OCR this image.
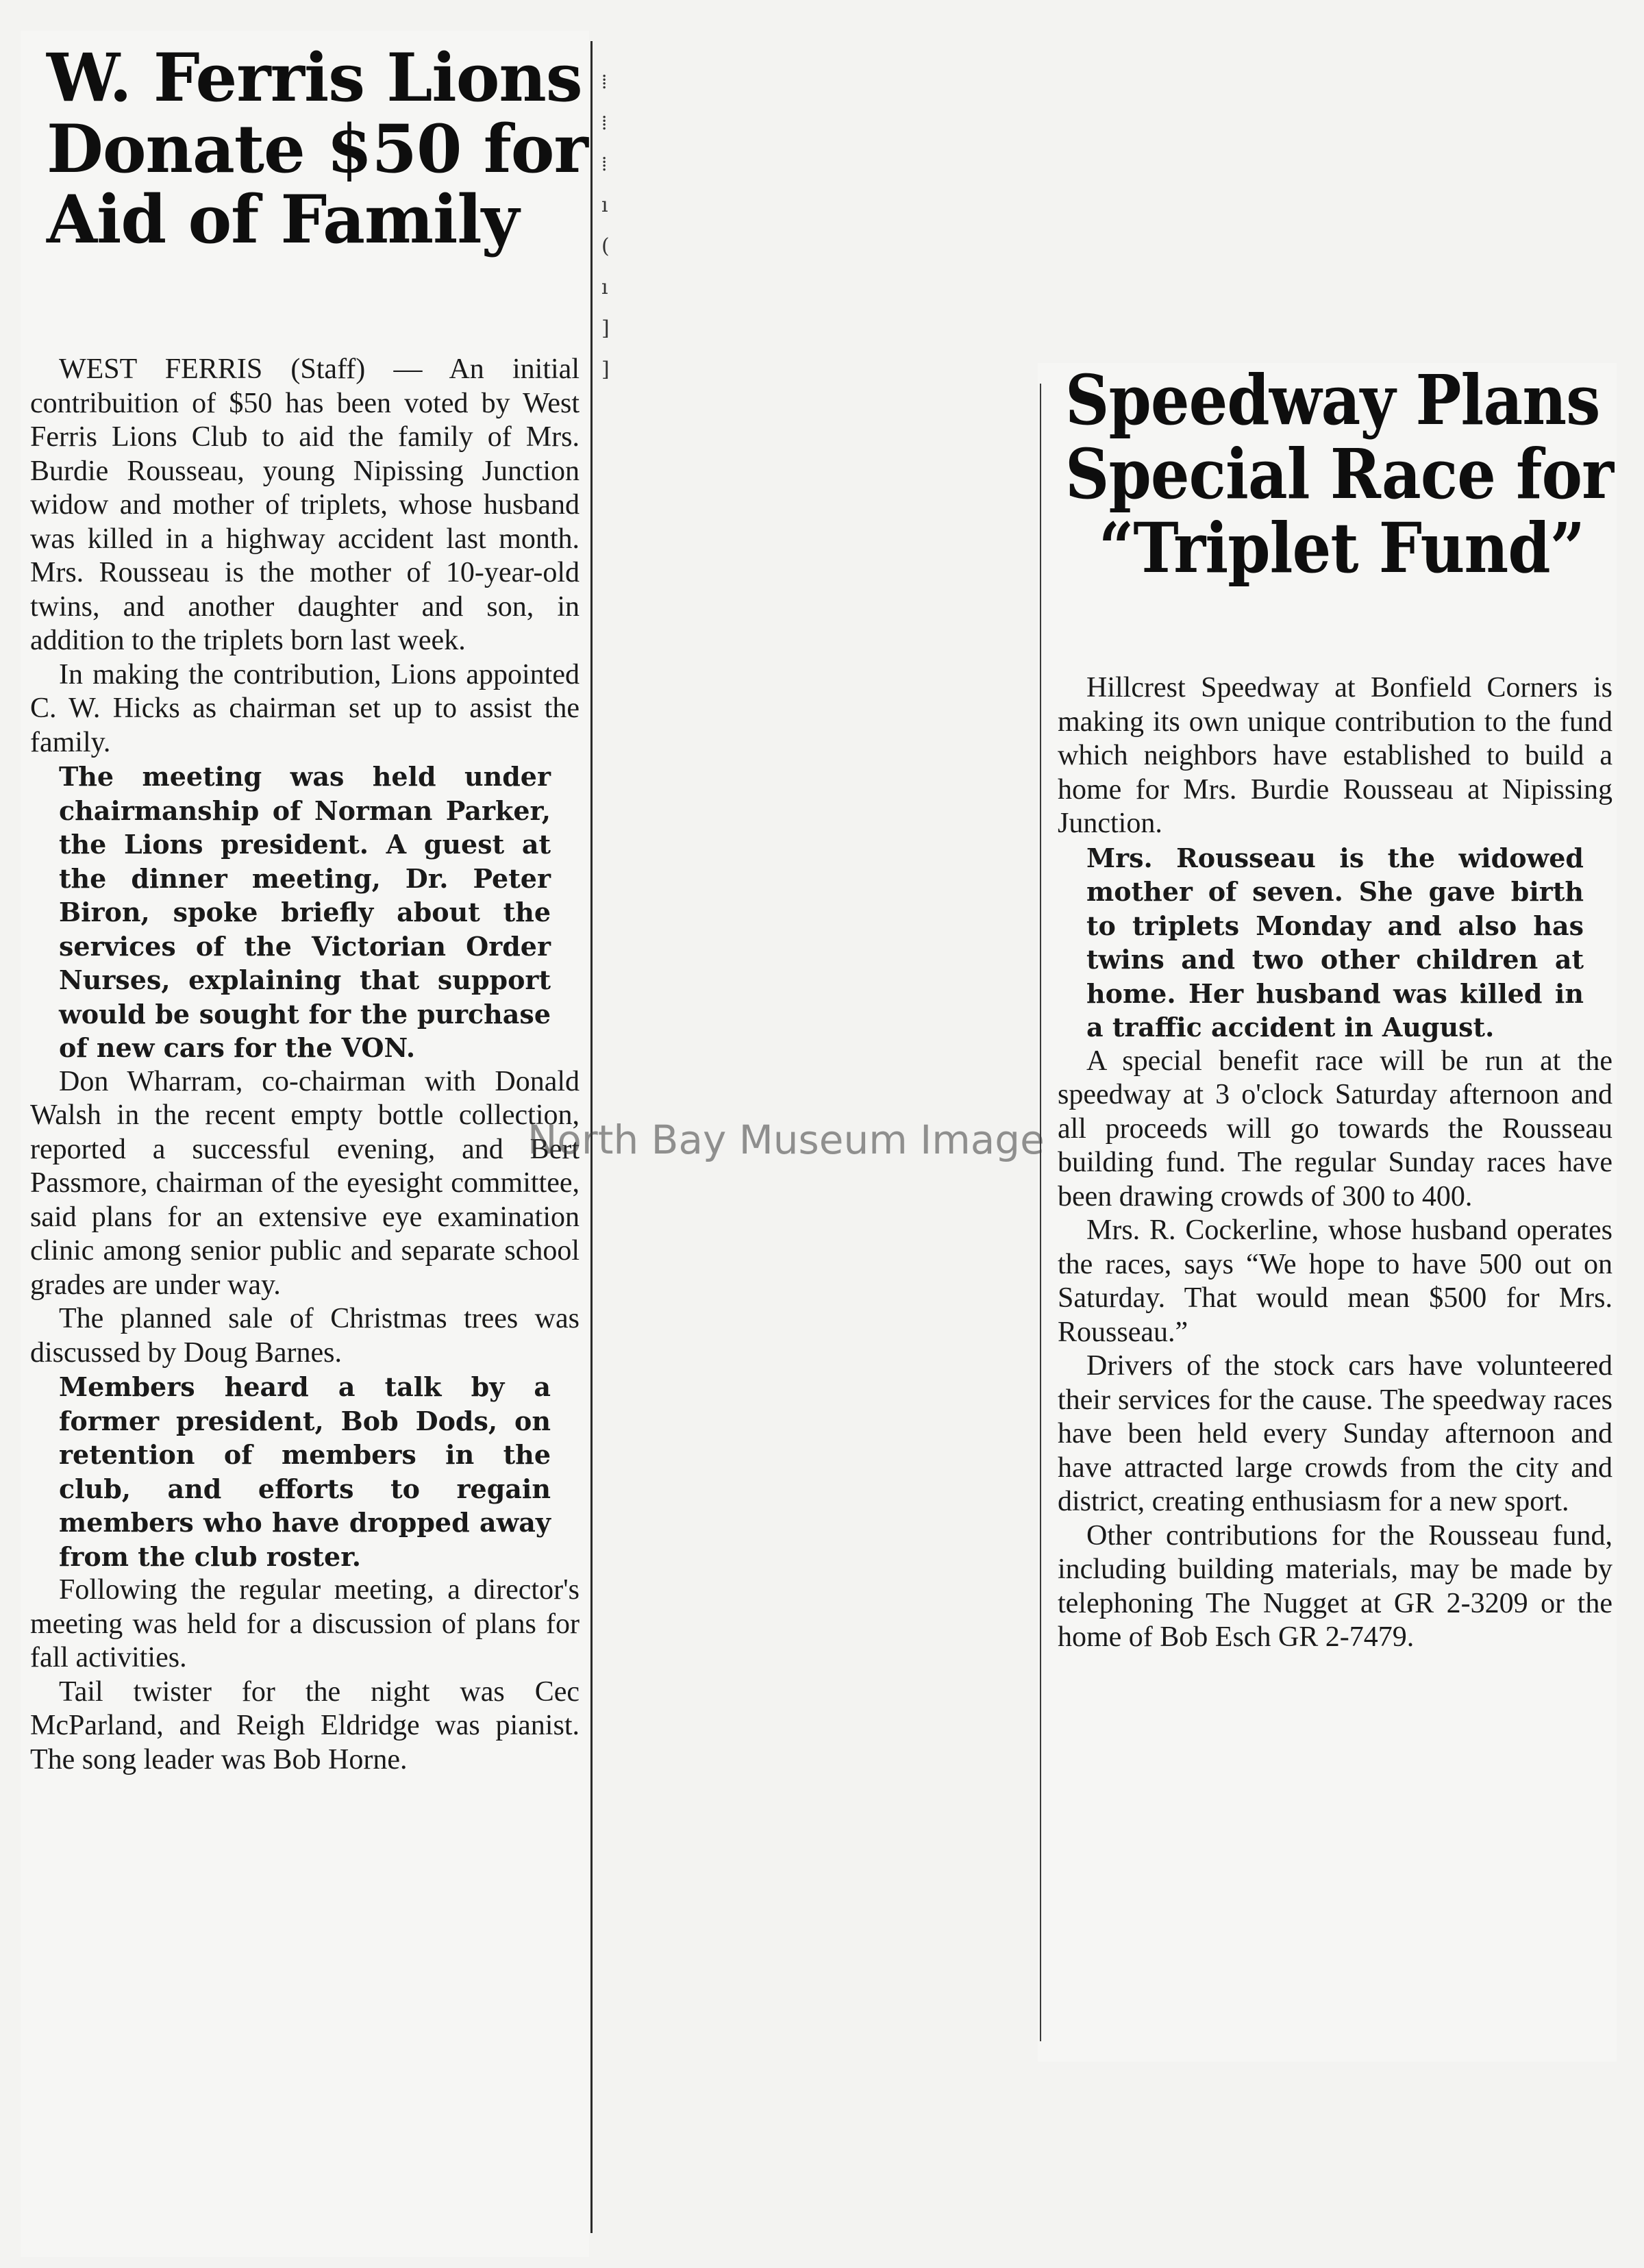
⁞
⁞
⁞
ı
(
ı
]
]
W. Ferris Lions
Donate $50 for
Aid of Family

WEST FERRIS (Staff) — An initial contribuition of $50 has been voted by West Ferris Lions Club to aid the family of Mrs. Burdie Rousseau, young Nipissing Junction widow and mother of triplets, whose husband was killed in a highway accident last month. Mrs. Rousseau is the mother of 10-year-old twins, and another daughter and son, in addition to the triplets born last week.

In making the contribution, Lions appointed C. W. Hicks as chairman set up to assist the family.

The meeting was held under chairmanship of Norman Parker, the Lions president. A guest at the dinner meeting, Dr. Peter Biron, spoke briefly about the services of the Victorian Order Nurses, explaining that support would be sought for the purchase of new cars for the VON.

Don Wharram, co-chairman with Donald Walsh in the recent empty bottle collection, reported a successful evening, and Bert Passmore, chairman of the eyesight committee, said plans for an extensive eye examination clinic among senior public and separate school grades are under way.

The planned sale of Christmas trees was discussed by Doug Barnes.

Members heard a talk by a former president, Bob Dods, on retention of members in the club, and efforts to regain members who have dropped away from the club roster.

Following the regular meeting, a director's meeting was held for a discussion of plans for fall activities.

Tail twister for the night was Cec McParland, and Reigh Eldridge was pianist. The song leader was Bob Horne.

Speedway Plans
Special Race for
“Triplet Fund”

Hillcrest Speedway at Bonfield Corners is making its own unique contribution to the fund which neighbors have established to build a home for Mrs. Burdie Rousseau at Nipissing Junction.

Mrs. Rousseau is the widowed mother of seven. She gave birth to triplets Monday and also has twins and two other children at home. Her husband was killed in a traffic accident in August.

A special benefit race will be run at the speedway at 3 o'clock Saturday afternoon and all proceeds will go towards the Rousseau building fund. The regular Sunday races have been drawing crowds of 300 to 400.

Mrs. R. Cockerline, whose husband operates the races, says “We hope to have 500 out on Saturday. That would mean $500 for Mrs. Rousseau.”

Drivers of the stock cars have volunteered their services for the cause. The speedway races have been held every Sunday afternoon and have attracted large crowds from the city and district, creating enthusiasm for a new sport.

Other contributions for the Rousseau fund, including building materials, may be made by telephoning The Nugget at GR 2-3209 or the home of Bob Esch GR 2-7479.

North Bay Museum Image
